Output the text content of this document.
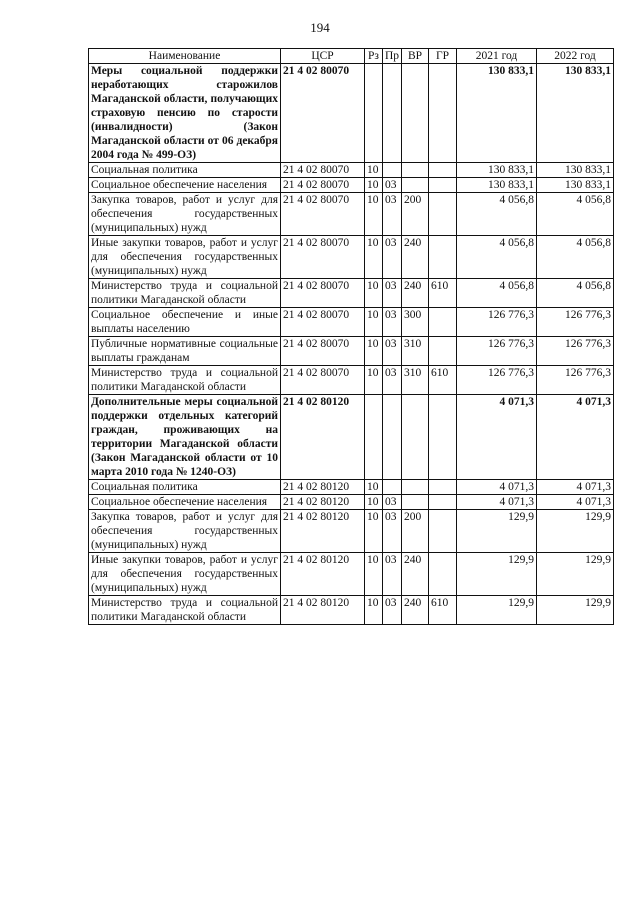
194
Наименование	ЦСР	Рз	Пр	ВР	ГР	2021 год	2022 год
Меры социальной поддержки неработающих старожилов Магаданской области, получающих страховую пенсию по старости (инвалидности) (Закон Магаданской области от 06 декабря 2004 года № 499-ОЗ)	21 4 02 80070					130 833,1	130 833,1
Социальная политика	21 4 02 80070	10				130 833,1	130 833,1
Социальное обеспечение населения	21 4 02 80070	10	03			130 833,1	130 833,1
Закупка товаров, работ и услуг для обеспечения государственных (муниципальных) нужд	21 4 02 80070	10	03	200		4 056,8	4 056,8
Иные закупки товаров, работ и услуг для обеспечения государственных (муниципальных) нужд	21 4 02 80070	10	03	240		4 056,8	4 056,8
Министерство труда и социальной политики Магаданской области	21 4 02 80070	10	03	240	610	4 056,8	4 056,8
Социальное обеспечение и иные выплаты населению	21 4 02 80070	10	03	300		126 776,3	126 776,3
Публичные нормативные социальные выплаты гражданам	21 4 02 80070	10	03	310		126 776,3	126 776,3
Министерство труда и социальной политики Магаданской области	21 4 02 80070	10	03	310	610	126 776,3	126 776,3
Дополнительные меры социальной поддержки отдельных категорий граждан, проживающих на территории Магаданской области (Закон Магаданской области от 10 марта 2010 года № 1240-ОЗ)	21 4 02 80120					4 071,3	4 071,3
Социальная политика	21 4 02 80120	10				4 071,3	4 071,3
Социальное обеспечение населения	21 4 02 80120	10	03			4 071,3	4 071,3
Закупка товаров, работ и услуг для обеспечения государственных (муниципальных) нужд	21 4 02 80120	10	03	200		129,9	129,9
Иные закупки товаров, работ и услуг для обеспечения государственных (муниципальных) нужд	21 4 02 80120	10	03	240		129,9	129,9
Министерство труда и социальной политики Магаданской области	21 4 02 80120	10	03	240	610	129,9	129,9
